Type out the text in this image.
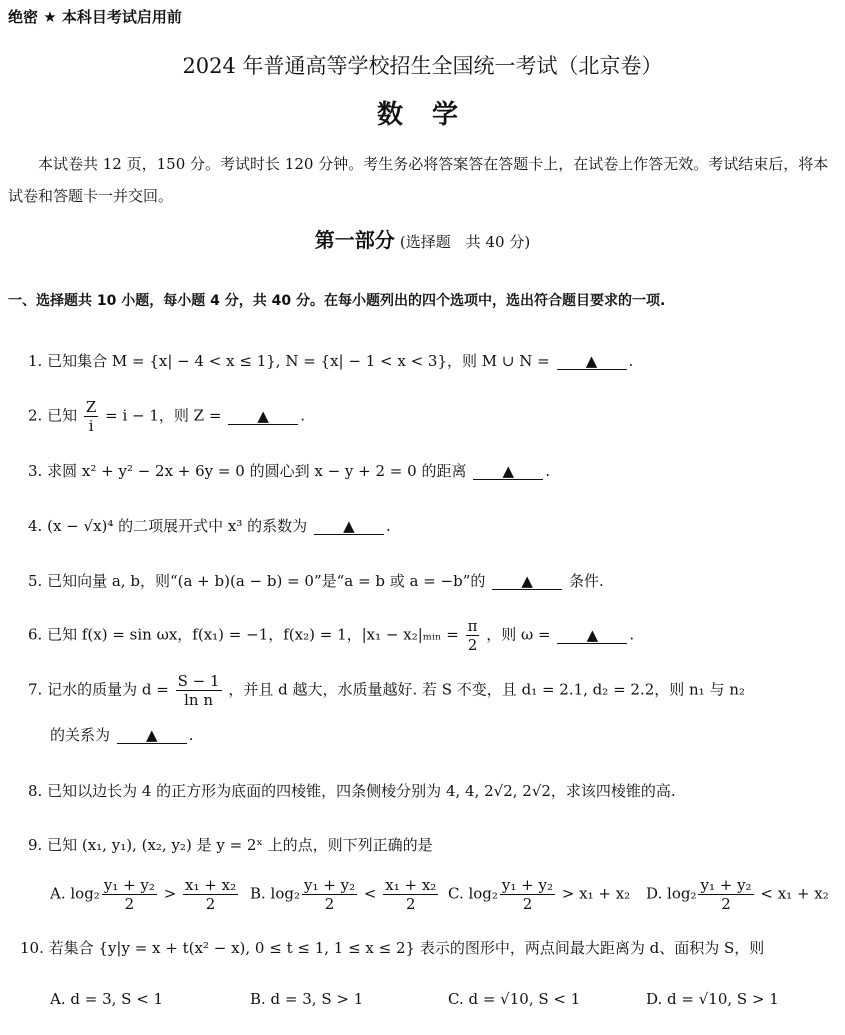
绝密 ★ 本科目考试启用前
2024 年普通高等学校招生全国统一考试（北京卷）
数 学
本试卷共 12 页，150 分。考试时长 120 分钟。考生务必将答案答在答题卡上，在试卷上作答无效。考试结束后，将本试卷和答题卡一并交回。
第一部分 (选择题　共 40 分)
一、选择题共 10 小题，每小题 4 分，共 40 分。在每小题列出的四个选项中，选出符合题目要求的一项.
1. 已知集合 M = {x| − 4 < x ≤ 1}, N = {x| − 1 < x < 3}，则 M ∪ N = ▲ .
2. 已知 $\frac{Z}{i} = i - 1$，则 Z = ▲ .
3. 求圆 x² + y² − 2x + 6y = 0 的圆心到 x − y + 2 = 0 的距离 ▲ .
4. (x − √x)⁴ 的二项展开式中 x³ 的系数为 ▲ .
5. 已知向量 a, b，则“(a + b)(a − b) = 0”是“a = b 或 a = −b”的 ▲ 条件.
6. 已知 f(x) = sin ωx，f(x₁) = −1，f(x₂) = 1，|x₁ − x₂|ₘᵢₙ = $\frac{\pi}{2}$ ，则 ω = ▲ .
7. 记水的质量为 $d = \frac{S - 1}{\text{ln n}}$ ，并且 d 越大，水质量越好. 若 S 不变，且 d₁ = 2.1, d₂ = 2.2，则 n₁ 与 n₂
的关系为 ▲ .
8. 已知以边长为 4 的正方形为底面的四棱锥，四条侧棱分别为 4, 4, 2√2, 2√2，求该四棱锥的高.
9. 已知 (x₁, y₁), (x₂, y₂) 是 y = 2ˣ 上的点，则下列正确的是
A. $\log_2 \frac{\text{y₁ + y₂}}{2} > \frac{\text{x₁ + x₂}}{2} B$. $\log_2 \frac{\text{y₁ + y₂}}{2} < \frac{\text{x₁ + x₂}}{2} C$. $\log_2 \frac{\text{y₁ + y₂}}{2} > x_1 + x_2$ D. $\log_2 \frac{\text{y₁ + y₂}}{2} < x_1 + x_2$
10. 若集合 {y|y = x + t(x² − x), 0 ≤ t ≤ 1, 1 ≤ x ≤ 2} 表示的图形中，两点间最大距离为 d、面积为 S，则
A. d = 3, S < 1	B. d = 3, S > 1	C. d = √10, S < 1	D. d = √10, S > 1
